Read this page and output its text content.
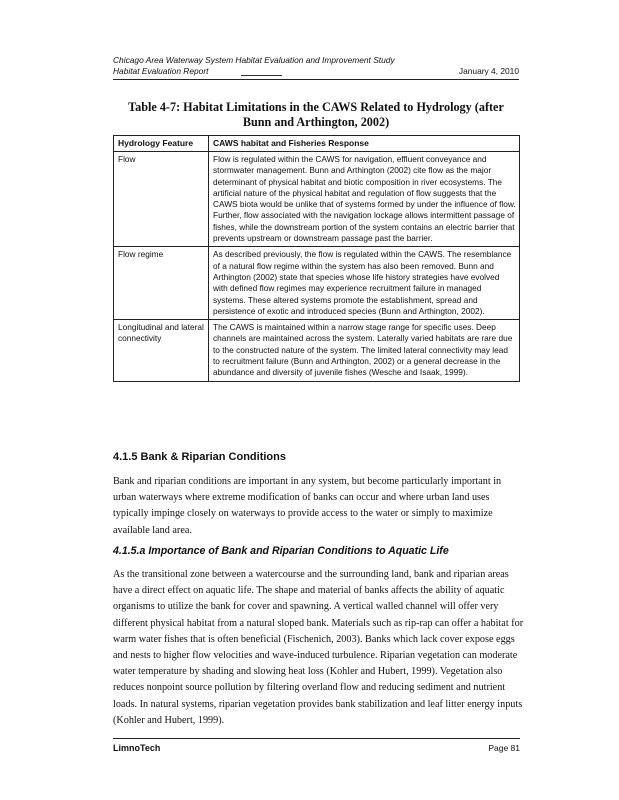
Chicago Area Waterway System Habitat Evaluation and Improvement Study
Habitat Evaluation Report	January 4, 2010
Table 4-7: Habitat Limitations in the CAWS Related to Hydrology (after Bunn and Arthington, 2002)
Hydrology Feature	CAWS habitat and Fisheries Response
Flow	Flow is regulated within the CAWS for navigation, effluent conveyance and stormwater management. Bunn and Arthington (2002) cite flow as the major determinant of physical habitat and biotic composition in river ecosystems. The artificial nature of the physical habitat and regulation of flow suggests that the CAWS biota would be unlike that of systems formed by under the influence of flow. Further, flow associated with the navigation lockage allows intermittent passage of fishes, while the downstream portion of the system contains an electric barrier that prevents upstream or downstream passage past the barrier.
Flow regime	As described previously, the flow is regulated within the CAWS. The resemblance of a natural flow regime within the system has also been removed. Bunn and Arthington (2002) state that species whose life history strategies have evolved with defined flow regimes may experience recruitment failure in managed systems. These altered systems promote the establishment, spread and persistence of exotic and introduced species (Bunn and Arthington, 2002).
Longitudinal and lateral connectivity	The CAWS is maintained within a narrow stage range for specific uses. Deep channels are maintained across the system. Laterally varied habitats are rare due to the constructed nature of the system. The limited lateral connectivity may lead to recruitment failure (Bunn and Arthington, 2002) or a general decrease in the abundance and diversity of juvenile fishes (Wesche and Isaak, 1999).
4.1.5 Bank & Riparian Conditions
Bank and riparian conditions are important in any system, but become particularly important in urban waterways where extreme modification of banks can occur and where urban land uses typically impinge closely on waterways to provide access to the water or simply to maximize available land area.
4.1.5.a Importance of Bank and Riparian Conditions to Aquatic Life
As the transitional zone between a watercourse and the surrounding land, bank and riparian areas have a direct effect on aquatic life. The shape and material of banks affects the ability of aquatic organisms to utilize the bank for cover and spawning. A vertical walled channel will offer very different physical habitat from a natural sloped bank. Materials such as rip-rap can offer a habitat for warm water fishes that is often beneficial (Fischenich, 2003). Banks which lack cover expose eggs and nests to higher flow velocities and wave-induced turbulence. Riparian vegetation can moderate water temperature by shading and slowing heat loss (Kohler and Hubert, 1999). Vegetation also reduces nonpoint source pollution by filtering overland flow and reducing sediment and nutrient loads. In natural systems, riparian vegetation provides bank stabilization and leaf litter energy inputs (Kohler and Hubert, 1999).
LimnoTech	Page 81
